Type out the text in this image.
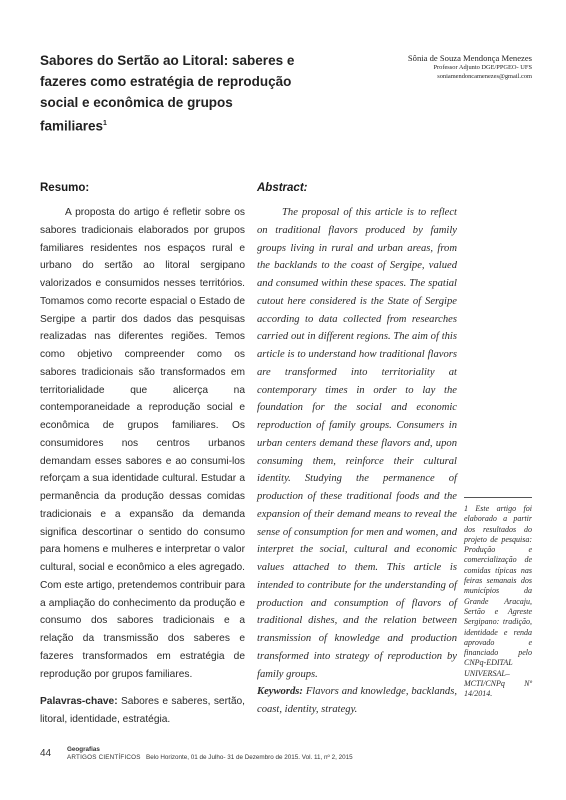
Sabores do Sertão ao Litoral: saberes e fazeres como estratégia de reprodução social e econômica de grupos familiares$^1$
Sônia de Souza Mendonça Menezes
Professor Adjunto DGE/PPGEO- UFS
soniamendoncamenezes@gmail.com
Resumo:	Abstract:

A proposta do artigo é refletir sobre os sabores tradicionais elaborados por grupos familiares residentes nos espaços rural e urbano do sertão ao litoral sergipano valorizados e consumidos nesses territórios. Tomamos como recorte espacial o Estado de Sergipe a partir dos dados das pesquisas realizadas nas diferentes regiões. Temos como objetivo compreender como os sabores tradicionais são transformados em territorialidade que alicerça na contemporaneidade a reprodução social e econômica de grupos familiares. Os consumidores nos centros urbanos demandam esses sabores e ao consumi-los reforçam a sua identidade cultural. Estudar a permanência da produção dessas comidas tradicionais e a expansão da demanda significa descortinar o sentido do consumo para homens e mulheres e interpretar o valor cultural, social e econômico a eles agregado. Com este artigo, pretendemos contribuir para a ampliação do conhecimento da produção e consumo dos sabores tradicionais e a relação da transmissão dos saberes e fazeres transformados em estratégia de reprodução por grupos familiares.

Palavras-chave: Sabores e saberes, sertão, litoral, identidade, estratégia.

The proposal of this article is to reflect on traditional flavors produced by family groups living in rural and urban areas, from the backlands to the coast of Sergipe, valued and consumed within these spaces. The spatial cutout here considered is the State of Sergipe according to data collected from researches carried out in different regions. The aim of this article is to understand how traditional flavors are transformed into territoriality at contemporary times in order to lay the foundation for the social and economic reproduction of family groups. Consumers in urban centers demand these flavors and, upon consuming them, reinforce their cultural identity. Studying the permanence of production of these traditional foods and the expansion of their demand means to reveal the sense of consumption for men and women, and interpret the social, cultural and economic values attached to them. This article is intended to contribute for the understanding of production and consumption of flavors of traditional dishes, and the relation between transmission of knowledge and production transformed into strategy of reproduction by family groups.

Keywords: Flavors and knowledge, backlands, coast, identity, strategy.

1 Este artigo foi elaborado a partir dos resultados do projeto de pesquisa: Produção e comercialização de comidas típicas nas feiras semanais dos municípios da Grande Aracaju, Sertão e Agreste Sergipano: tradição, identidade e renda aprovado e financiado pelo CNPq-EDITAL UNIVERSAL– MCTI/CNPq Nº 14/2014.
44	Geografias
ARTIGOS CIENTÍFICOS Belo Horizonte, 01 de Julho- 31 de Dezembro de 2015. Vol. 11, nº 2, 2015
